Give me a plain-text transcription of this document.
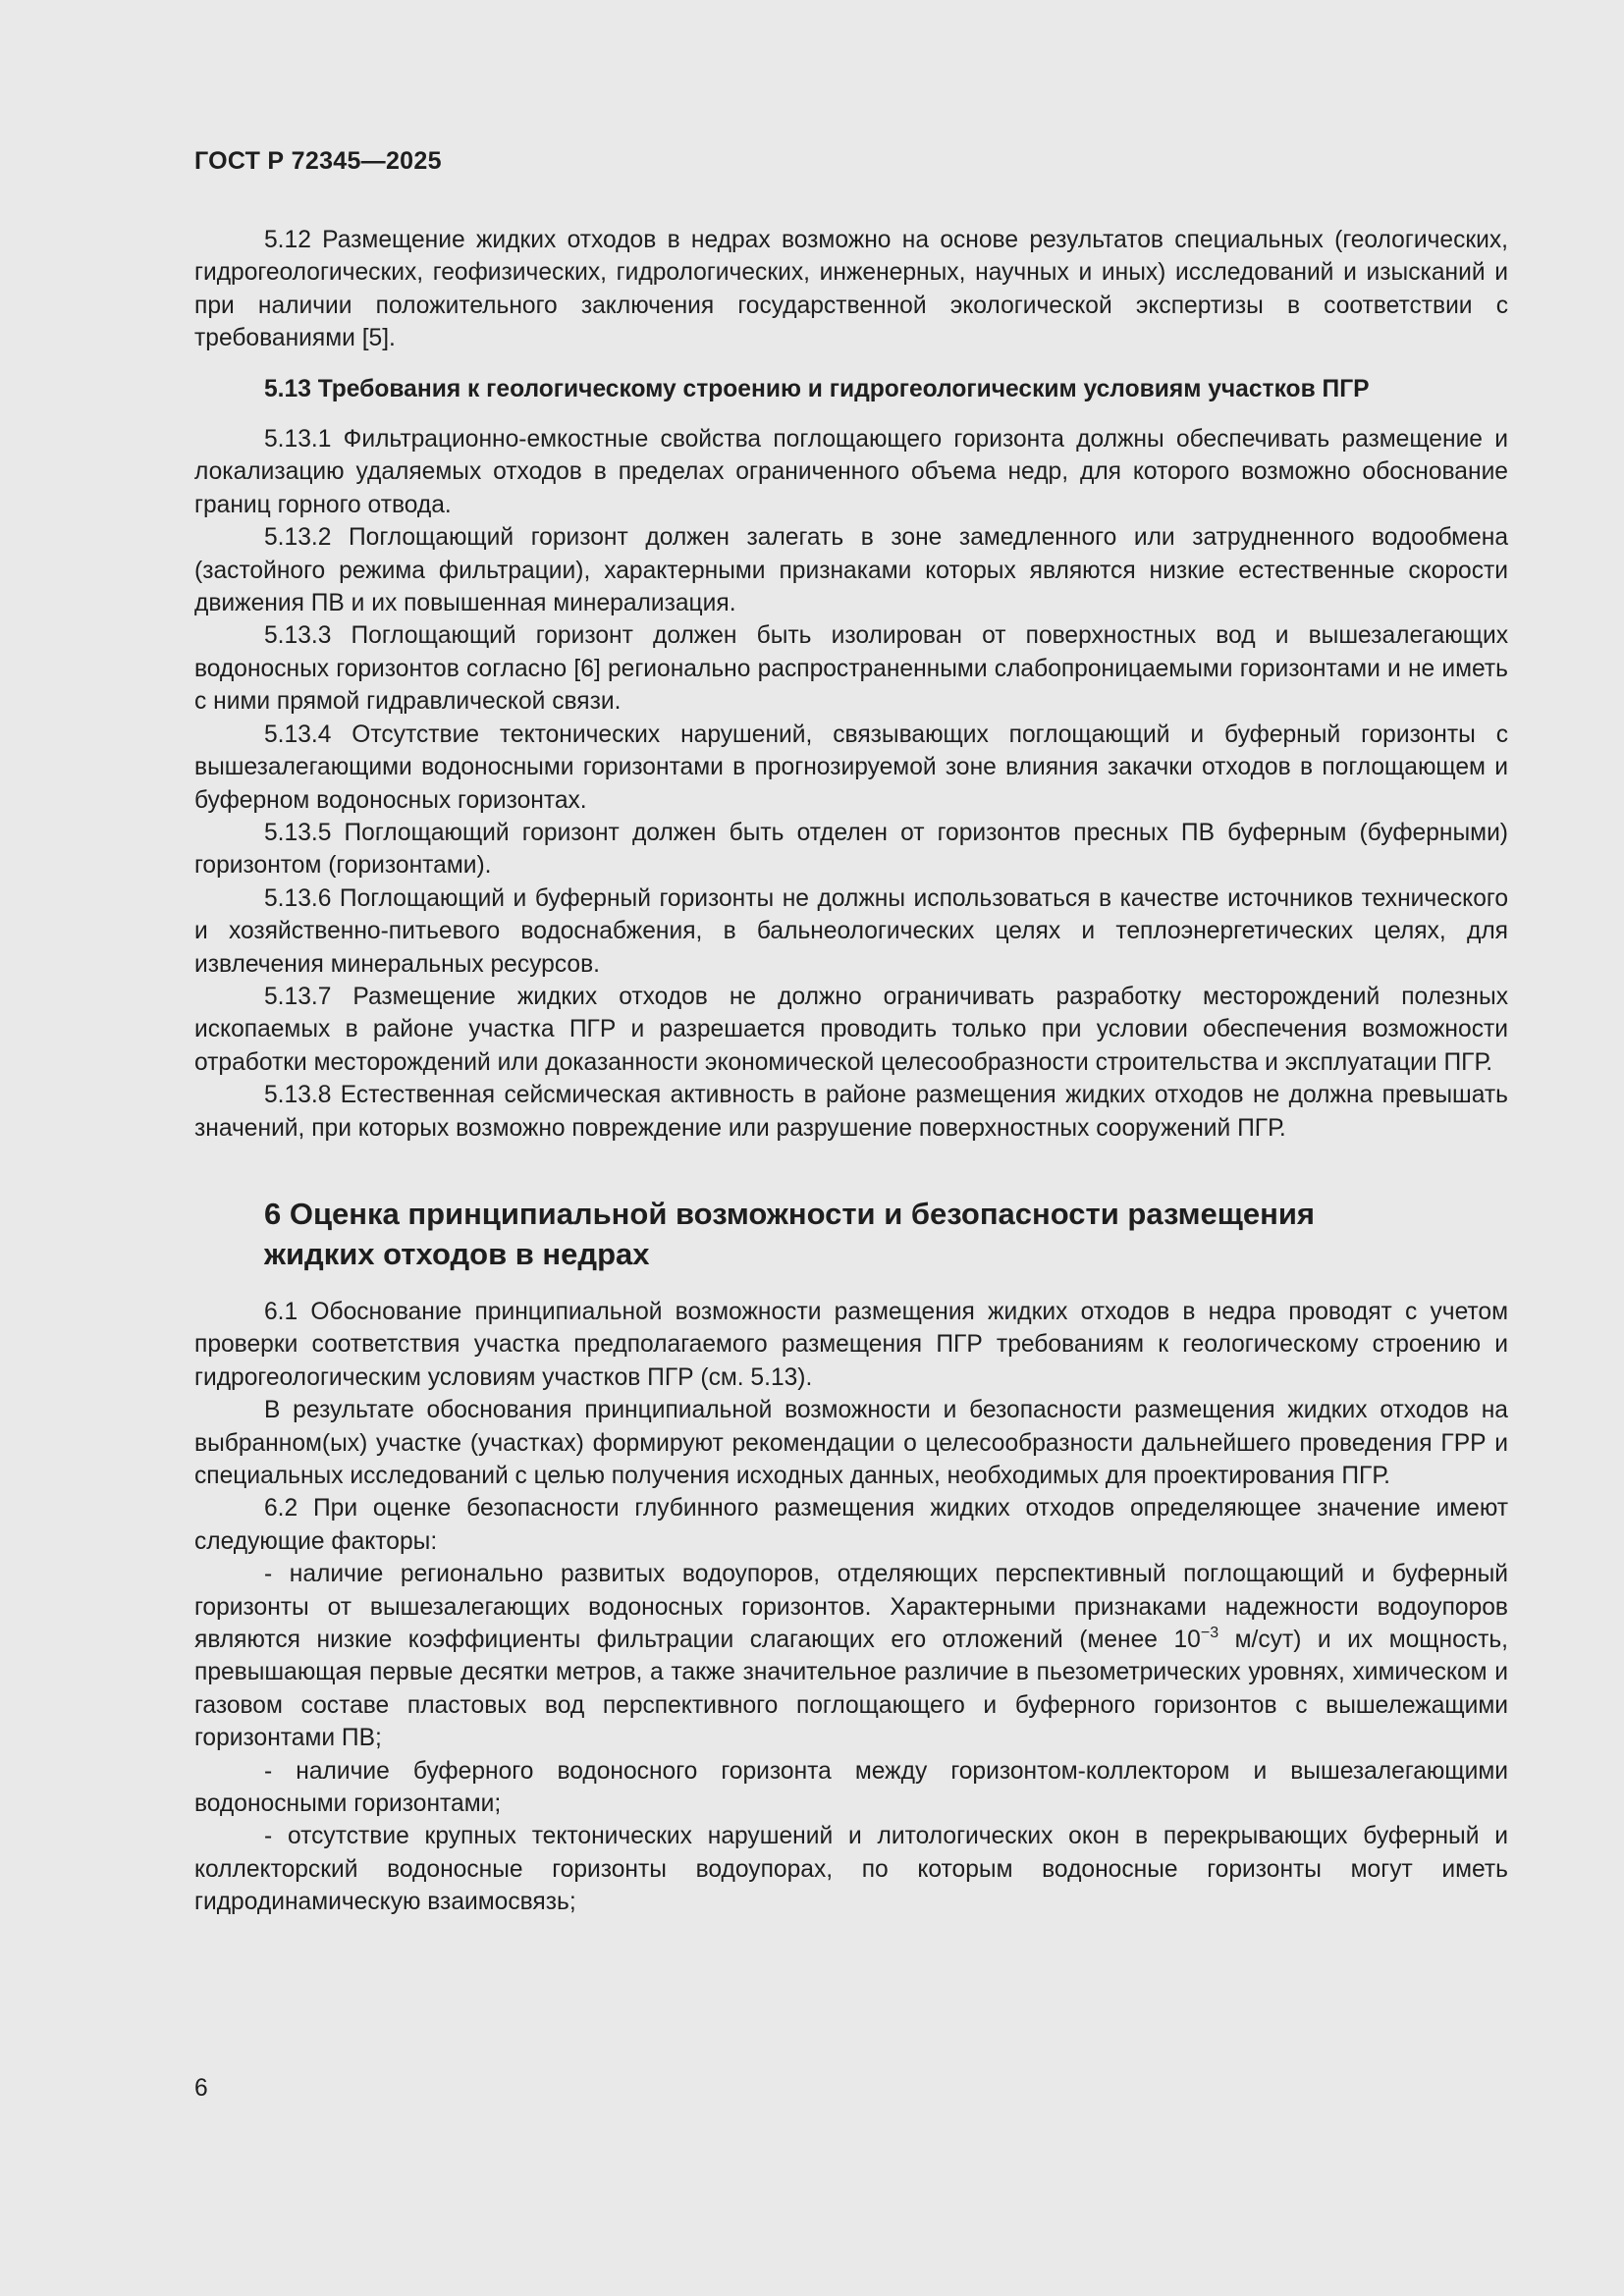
ГОСТ Р 72345—2025

5.12 Размещение жидких отходов в недрах возможно на основе результатов специальных (геологических, гидрогеологических, геофизических, гидрологических, инженерных, научных и иных) исследований и изысканий и при наличии положительного заключения государственной экологической экспертизы в соответствии с требованиями [5].

5.13 Требования к геологическому строению и гидрогеологическим условиям участков ПГР

5.13.1 Фильтрационно-емкостные свойства поглощающего горизонта должны обеспечивать размещение и локализацию удаляемых отходов в пределах ограниченного объема недр, для которого возможно обоснование границ горного отвода.

5.13.2 Поглощающий горизонт должен залегать в зоне замедленного или затрудненного водообмена (застойного режима фильтрации), характерными признаками которых являются низкие естественные скорости движения ПВ и их повышенная минерализация.

5.13.3 Поглощающий горизонт должен быть изолирован от поверхностных вод и вышезалегающих водоносных горизонтов согласно [6] регионально распространенными слабопроницаемыми горизонтами и не иметь с ними прямой гидравлической связи.

5.13.4 Отсутствие тектонических нарушений, связывающих поглощающий и буферный горизонты с вышезалегающими водоносными горизонтами в прогнозируемой зоне влияния закачки отходов в поглощающем и буферном водоносных горизонтах.

5.13.5 Поглощающий горизонт должен быть отделен от горизонтов пресных ПВ буферным (буферными) горизонтом (горизонтами).

5.13.6 Поглощающий и буферный горизонты не должны использоваться в качестве источников технического и хозяйственно-питьевого водоснабжения, в бальнеологических целях и теплоэнергетических целях, для извлечения минеральных ресурсов.

5.13.7 Размещение жидких отходов не должно ограничивать разработку месторождений полезных ископаемых в районе участка ПГР и разрешается проводить только при условии обеспечения возможности отработки месторождений или доказанности экономической целесообразности строительства и эксплуатации ПГР.

5.13.8 Естественная сейсмическая активность в районе размещения жидких отходов не должна превышать значений, при которых возможно повреждение или разрушение поверхностных сооружений ПГР.

6 Оценка принципиальной возможности и безопасности размещения
жидких отходов в недрах

6.1 Обоснование принципиальной возможности размещения жидких отходов в недра проводят с учетом проверки соответствия участка предполагаемого размещения ПГР требованиям к геологическому строению и гидрогеологическим условиям участков ПГР (см. 5.13).

В результате обоснования принципиальной возможности и безопасности размещения жидких отходов на выбранном(ых) участке (участках) формируют рекомендации о целесообразности дальнейшего проведения ГРР и специальных исследований с целью получения исходных данных, необходимых для проектирования ПГР.

6.2 При оценке безопасности глубинного размещения жидких отходов определяющее значение имеют следующие факторы:

- наличие регионально развитых водоупоров, отделяющих перспективный поглощающий и буферный горизонты от вышезалегающих водоносных горизонтов. Характерными признаками надежности водоупоров являются низкие коэффициенты фильтрации слагающих его отложений (менее $10^{-3}$ м/сут) и их мощность, превышающая первые десятки метров, а также значительное различие в пьезометрических уровнях, химическом и газовом составе пластовых вод перспективного поглощающего и буферного горизонтов с вышележащими горизонтами ПВ;

- наличие буферного водоносного горизонта между горизонтом-коллектором и вышезалегающими водоносными горизонтами;

- отсутствие крупных тектонических нарушений и литологических окон в перекрывающих буферный и коллекторский водоносные горизонты водоупорах, по которым водоносные горизонты могут иметь гидродинамическую взаимосвязь;

6
